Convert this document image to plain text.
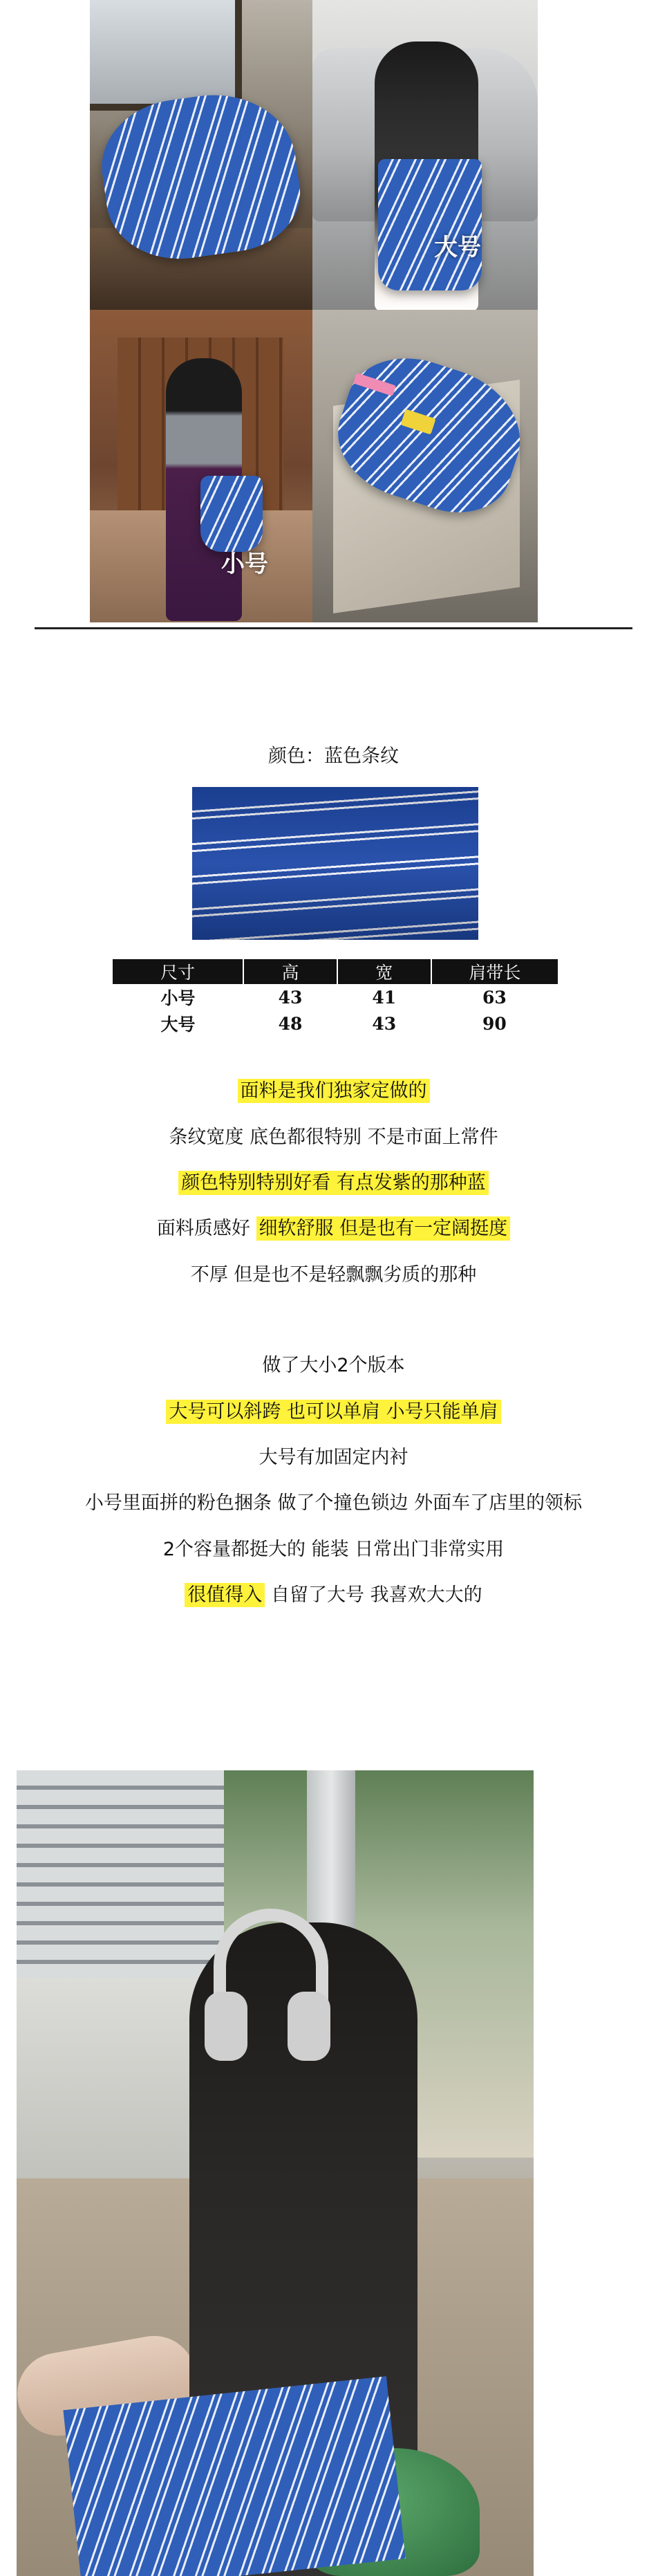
大号
小号
颜色：蓝色条纹
尺寸	高	宽	肩带长
小号	43	41	63
大号	48	43	90
面料是我们独家定做的
条纹宽度 底色都很特别 不是市面上常件
颜色特别特别好看 有点发紫的那种蓝
面料质感好 细软舒服 但是也有一定阔挺度
不厚 但是也不是轻飘飘劣质的那种
做了大小2个版本
大号可以斜跨 也可以单肩 小号只能单肩
大号有加固定内衬
小号里面拼的粉色捆条 做了个撞色锁边 外面车了店里的领标
2个容量都挺大的 能装 日常出门非常实用
很值得入 自留了大号 我喜欢大大的
